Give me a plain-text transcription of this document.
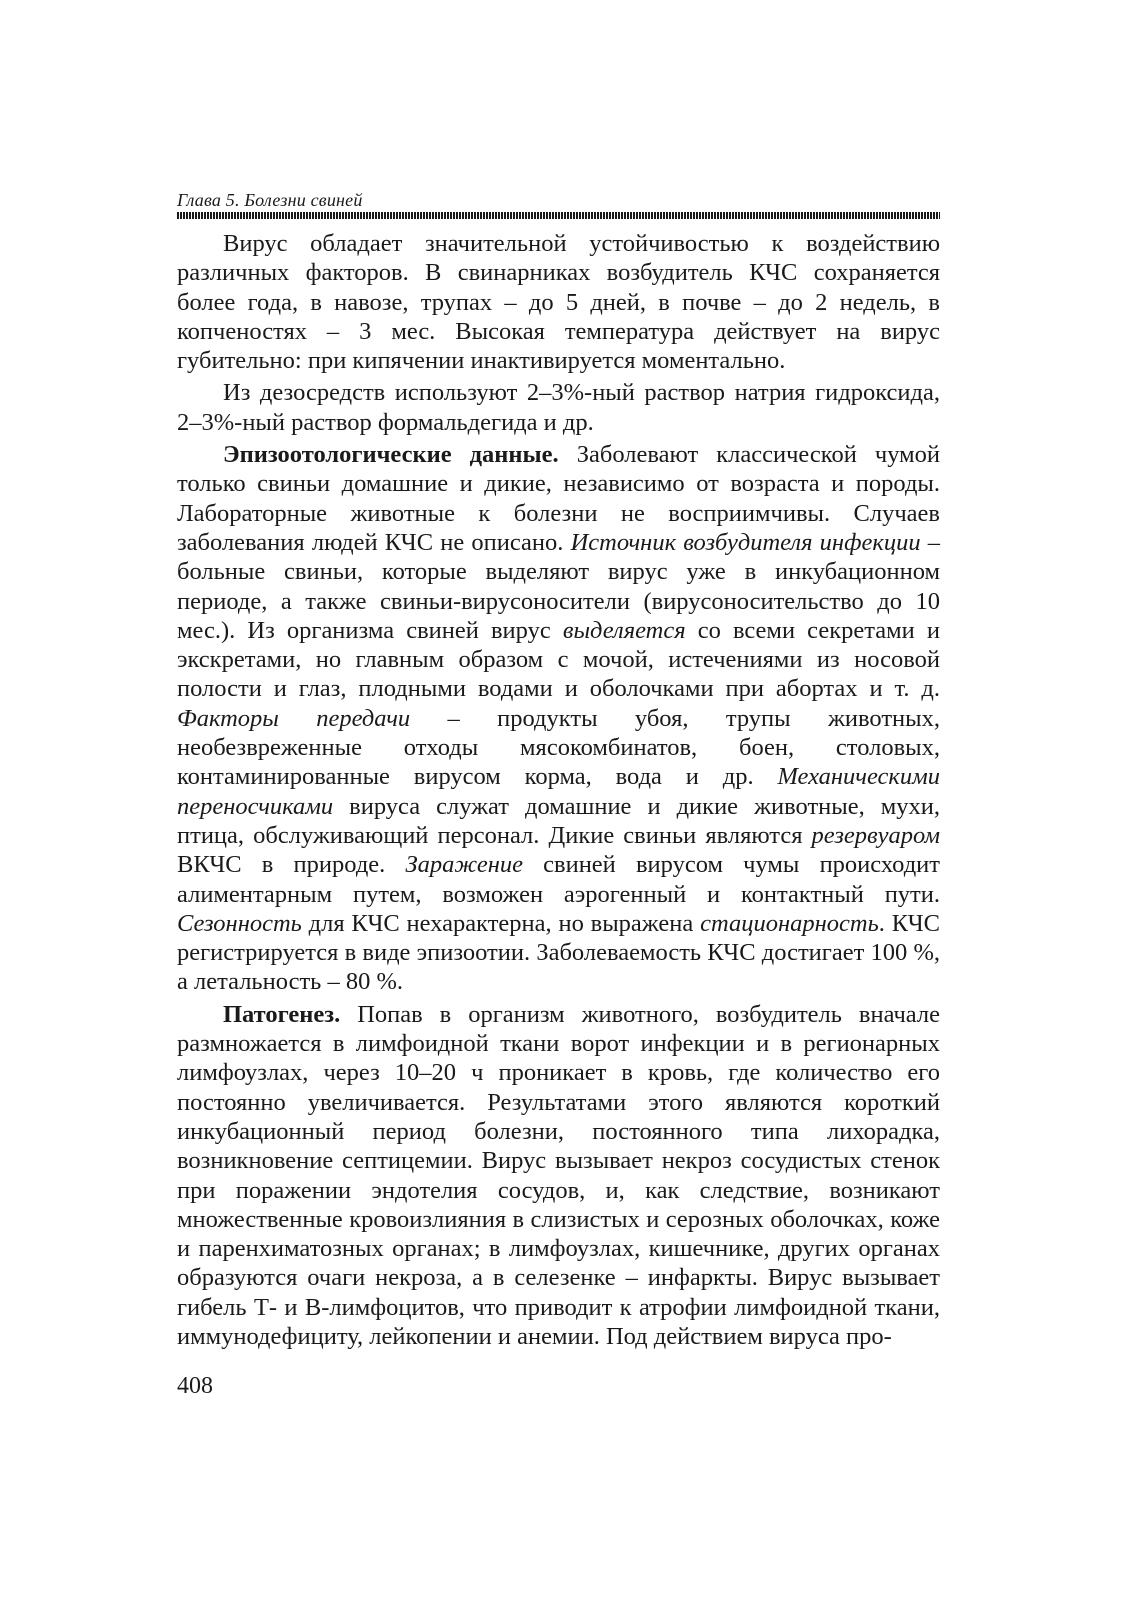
Глава 5. Болезни свиней

Вирус обладает значительной устойчивостью к воздействию различных факторов. В свинарниках возбудитель КЧС сохраняется более года, в навозе, трупах – до 5 дней, в почве – до 2 недель, в копченостях – 3 мес. Высокая температура действует на вирус губительно: при кипячении инактивируется моментально.

Из дезосредств используют 2–3%-ный раствор натрия гидроксида, 2–3%-ный раствор формальдегида и др.

Эпизоотологические данные. Заболевают классической чумой только свиньи домашние и дикие, независимо от возраста и породы. Лабораторные животные к болезни не восприимчивы. Случаев заболевания людей КЧС не описано. Источник возбудителя инфекции – больные свиньи, которые выделяют вирус уже в инкубационном периоде, а также свиньи-вирусоносители (вирусоносительство до 10 мес.). Из организма свиней вирус выделяется со всеми секретами и экскретами, но главным образом с мочой, истечениями из носовой полости и глаз, плодными водами и оболочками при абортах и т. д. Факторы передачи – продукты убоя, трупы животных, необезвреженные отходы мясокомбинатов, боен, столовых, контаминированные вирусом корма, вода и др. Механическими переносчиками вируса служат домашние и дикие животные, мухи, птица, обслуживающий персонал. Дикие свиньи являются резервуаром ВКЧС в природе. Заражение свиней вирусом чумы происходит алиментарным путем, возможен аэрогенный и контактный пути. Сезонность для КЧС нехарактерна, но выражена стационарность. КЧС регистрируется в виде эпизоотии. Заболеваемость КЧС достигает 100 %, а летальность – 80 %.

Патогенез. Попав в организм животного, возбудитель вначале размножается в лимфоидной ткани ворот инфекции и в регионарных лимфоузлах, через 10–20 ч проникает в кровь, где количество его постоянно увеличивается. Результатами этого являются короткий инкубационный период болезни, постоянного типа лихорадка, возникновение септицемии. Вирус вызывает некроз сосудистых стенок при поражении эндотелия сосудов, и, как следствие, возникают множественные кровоизлияния в слизистых и серозных оболочках, коже и паренхиматозных органах; в лимфоузлах, кишечнике, других органах образуются очаги некроза, а в селезенке – инфаркты. Вирус вызывает гибель Т- и В-лимфоцитов, что приводит к атрофии лимфоидной ткани, иммунодефициту, лейкопении и анемии. Под действием вируса про-

408
